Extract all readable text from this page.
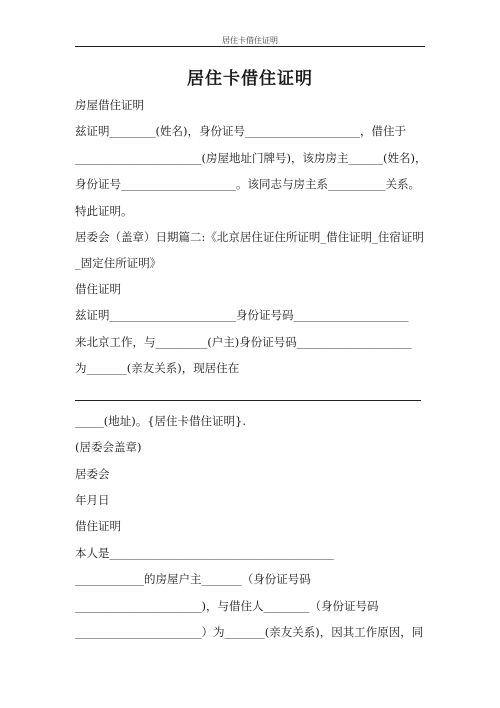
居住卡借住证明
居住卡借住证明
房屋借住证明
兹证明________(姓名)，身份证号____________________，借住于
______________________(房屋地址门牌号)，该房房主______(姓名)，
身份证号____________________。该同志与房主系__________关系。
特此证明。
居委会（盖章）日期篇二:《北京居住证住所证明_借住证明_住宿证明_固定住所证明》
借住证明
兹证明______________________身份证号码____________________
来北京工作，与_________(户主)身份证号码____________________
为_______(亲友关系)，现居住在
_____(地址)。{居住卡借住证明}.
(居委会盖章)
居委会
年月日
借住证明
本人是_______________________________________
____________的房屋户主_______（身份证号码
______________________)，与借住人________（身份证号码
______________________）为_______(亲友关系)，因其工作原因，同
